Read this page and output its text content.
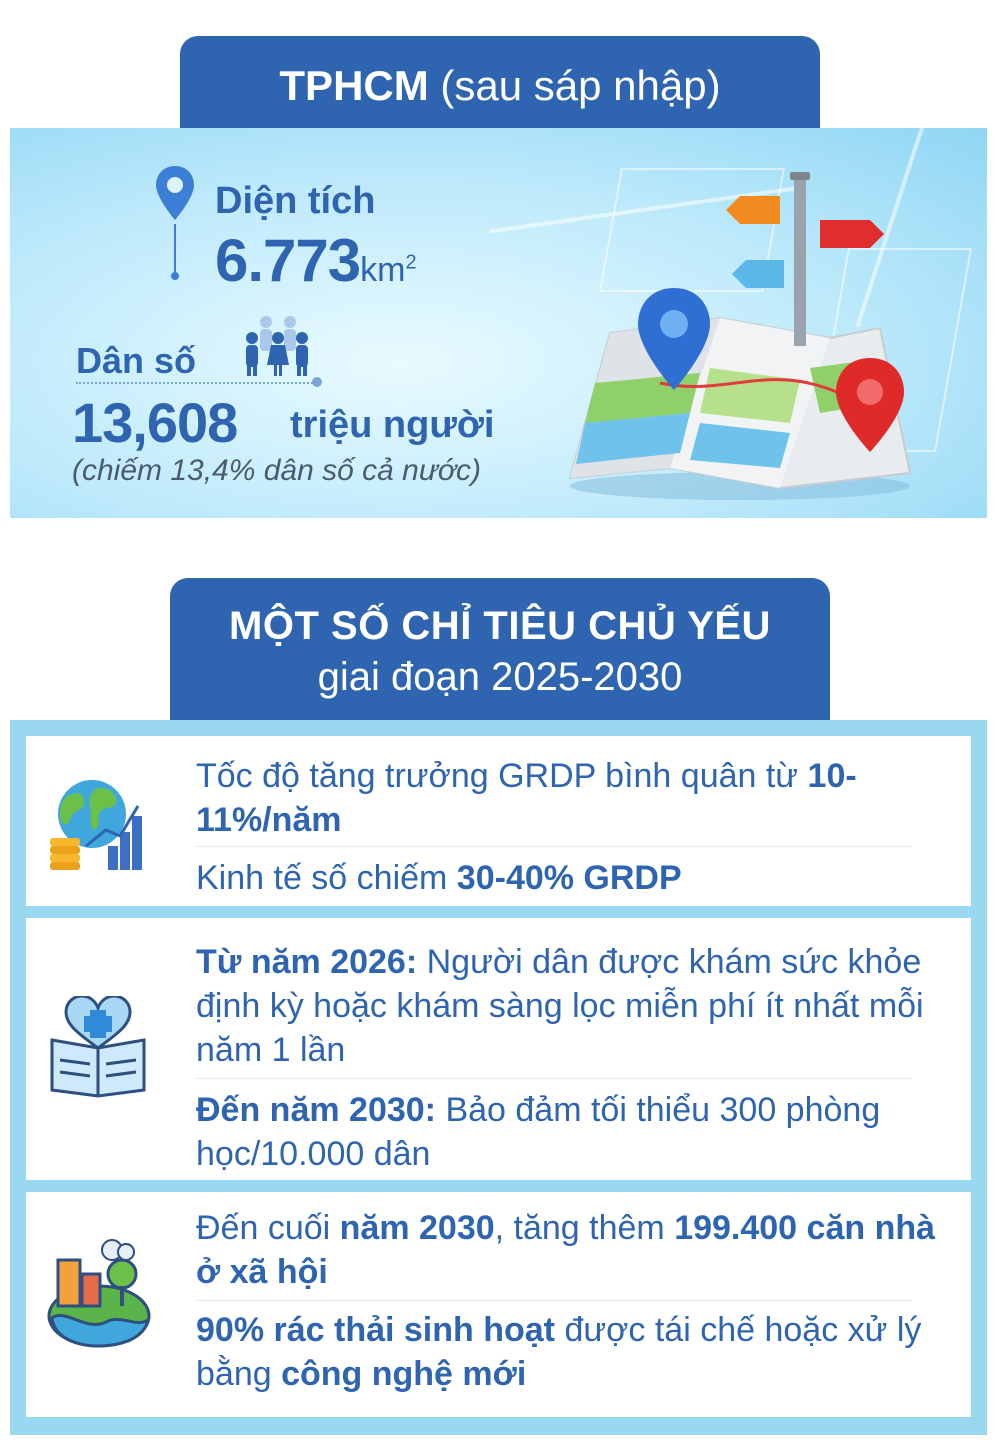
TPHCM (sau sáp nhập)
Diện tích
$6.773km^2$
Dân số
13,608 triệu người
(chiếm 13,4% dân số cả nước)
MỘT SỐ CHỈ TIÊU CHỦ YẾU
giai đoạn 2025-2030
Tốc độ tăng trưởng GRDP bình quân từ 10-11%/năm
Kinh tế số chiếm 30-40% GRDP
Từ năm 2026: Người dân được khám sức khỏe định kỳ hoặc khám sàng lọc miễn phí ít nhất mỗi năm 1 lần
Đến năm 2030: Bảo đảm tối thiểu 300 phòng học/10.000 dân
Đến cuối năm 2030, tăng thêm 199.400 căn nhà ở xã hội
90% rác thải sinh hoạt được tái chế hoặc xử lý bằng công nghệ mới
